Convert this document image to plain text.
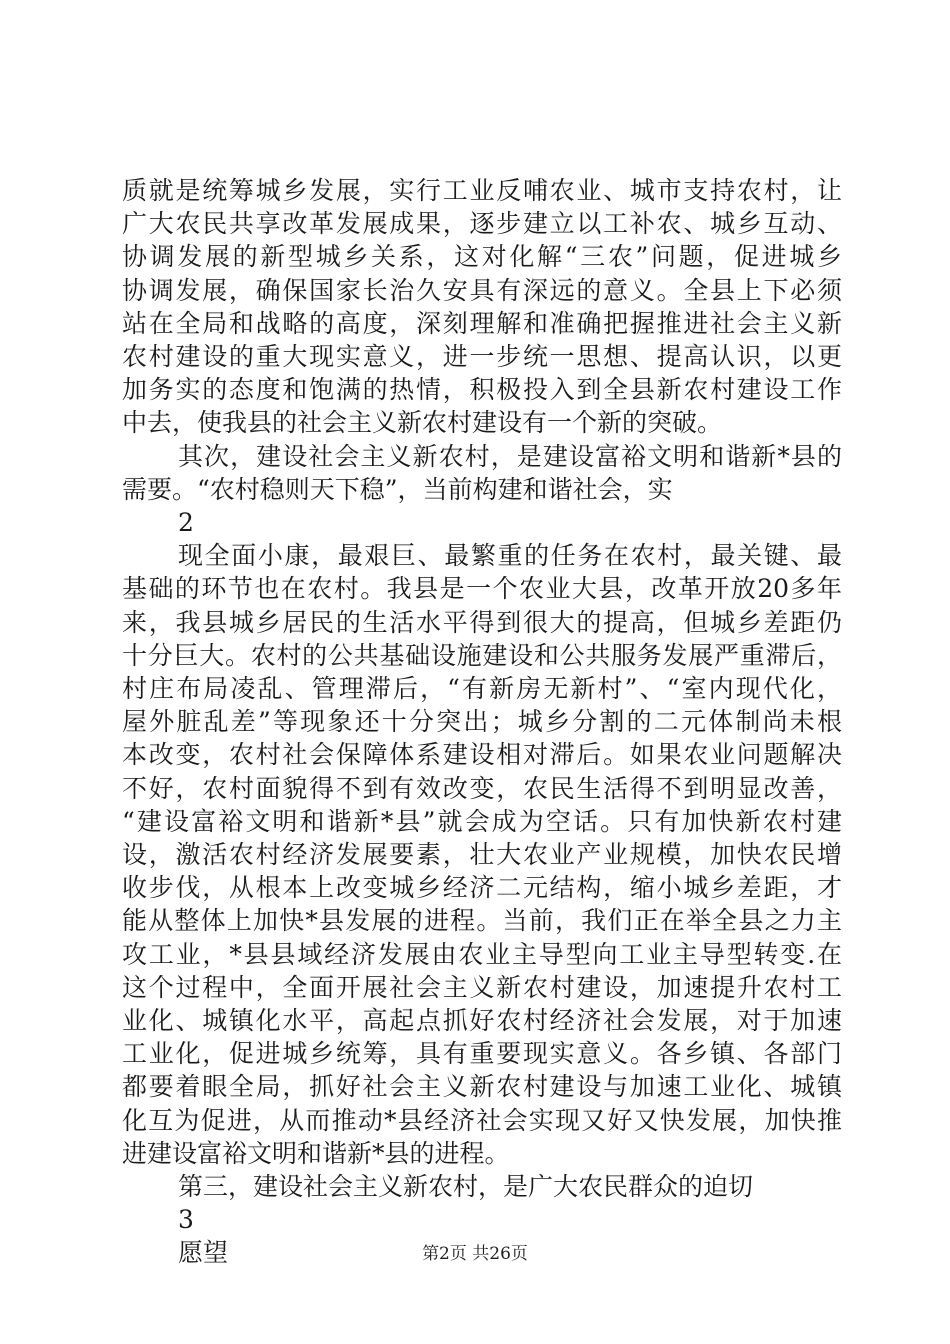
质就是统筹城乡发展，实行工业反哺农业、城市支持农村，让
广大农民共享改革发展成果，逐步建立以工补农、城乡互动、
协调发展的新型城乡关系，这对化解“三农”问题，促进城乡
协调发展，确保国家长治久安具有深远的意义。全县上下必须
站在全局和战略的高度，深刻理解和准确把握推进社会主义新
农村建设的重大现实意义，进一步统一思想、提高认识，以更
加务实的态度和饱满的热情，积极投入到全县新农村建设工作
中去，使我县的社会主义新农村建设有一个新的突破。
其次，建设社会主义新农村，是建设富裕文明和谐新*县的
需要。“农村稳则天下稳”，当前构建和谐社会，实
2
现全面小康，最艰巨、最繁重的任务在农村，最关键、最
基础的环节也在农村。我县是一个农业大县，改革开放20多年
来，我县城乡居民的生活水平得到很大的提高，但城乡差距仍
十分巨大。农村的公共基础设施建设和公共服务发展严重滞后，
村庄布局凌乱、管理滞后，“有新房无新村”、“室内现代化，
屋外脏乱差”等现象还十分突出；城乡分割的二元体制尚未根
本改变，农村社会保障体系建设相对滞后。如果农业问题解决
不好，农村面貌得不到有效改变，农民生活得不到明显改善，
“建设富裕文明和谐新*县”就会成为空话。只有加快新农村建
设，激活农村经济发展要素，壮大农业产业规模，加快农民增
收步伐，从根本上改变城乡经济二元结构，缩小城乡差距，才
能从整体上加快*县发展的进程。当前，我们正在举全县之力主
攻工业，*县县域经济发展由农业主导型向工业主导型转变.在
这个过程中，全面开展社会主义新农村建设，加速提升农村工
业化、城镇化水平，高起点抓好农村经济社会发展，对于加速
工业化，促进城乡统筹，具有重要现实意义。各乡镇、各部门
都要着眼全局，抓好社会主义新农村建设与加速工业化、城镇
化互为促进，从而推动*县经济社会实现又好又快发展，加快推
进建设富裕文明和谐新*县的进程。
第2页 共26页
第三，建设社会主义新农村，是广大农民群众的迫切
3
愿望
